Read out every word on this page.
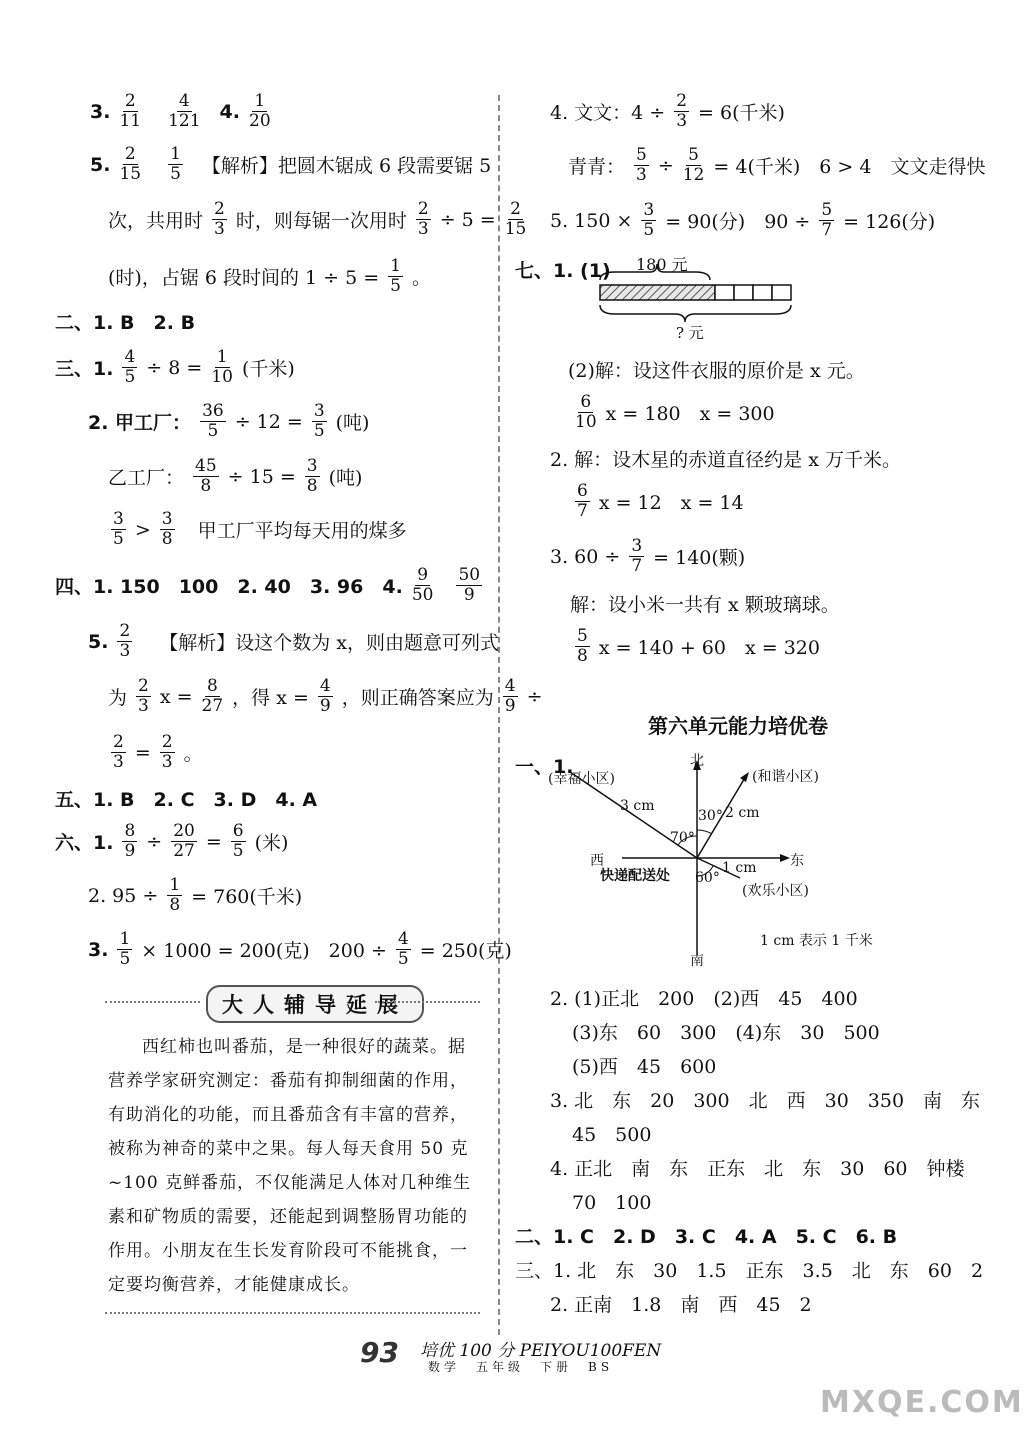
3. 2
11
4
121 4. 1
20
5. 2
15
1
5 【解析】把圆木锯成 6 段需要锯 5
次，共用时
2
3 时，则每锯一次用时 $\frac{2}{3} \div 5 = \frac{2}{15}$
(时)，占锯 6 段时间的 $1 \div 5 = \frac{1}{5}$ 。
二、1. B　2. B
三、1. $\frac{4}{5} \div 8 = \frac{1}{10}$ (千米)
2. 甲工厂： $\frac{36}{5} \div 12 = \frac{3}{5}$ (吨)
乙工厂： $\frac{45}{8} \div 15 = \frac{3}{8}$ (吨)
3
5 > 3
8 甲工厂平均每天用的煤多
四、1. 150　100　2. 40　3. 96　4.
9
50
50
9
5. 2
3 【解析】设这个数为 x，则由题意可列式
为
2
3 $x = \frac{8}{27}$ ，得 $x = \frac{4}{9}$ ，则正确答案应为 $\frac{4}{9}$ ÷
$\frac{2}{3} = \frac{2}{3}$ 。
五、1. B　2. C　3. D　4. A
六、1. $\frac{8}{9} \div \frac{20}{27} = \frac{6}{5}$ (米)
2. $95 \div \frac{1}{8} = 760$(千米)
3. $\frac{1}{5} \times 1000 = 200$(克)　$200 \div \frac{4}{5} = 250$(克)
大人辅导延展
西红柿也叫番茄，是一种很好的蔬菜。据营养学家研究测定：番茄有抑制细菌的作用，有助消化的功能，而且番茄含有丰富的营养，被称为神奇的菜中之果。每人每天食用 50 克~100 克鲜番茄，不仅能满足人体对几种维生素和矿物质的需要，还能起到调整肠胃功能的作用。小朋友在生长发育阶段可不能挑食，一定要均衡营养，才能健康成长。
4. 文文：$4 \div \frac{2}{3} = 6$(千米)
青青： $\frac{5}{3} \div \frac{5}{12} = 4$(千米)　6 > 4　文文走得快
5. $150 \times \frac{3}{5} = 90$(分)　$90 \div \frac{5}{7} = 126$(分)
七、1. (1) 180 元
? 元
(2)解：设这件衣服的原价是 x 元。
6
10 x = 180　x = 300
2. 解：设木星的赤道直径约是 x 万千米。
6
7 x = 12　x = 14
3. $60 \div \frac{3}{7} = 140$(颗)
解：设小米一共有 x 颗玻璃球。
5
8 x = 140 + 60　x = 320
第六单元能力培优卷
一、1.	北
南
西	东
(幸福小区)	(和谐小区)
(欢乐小区)
快递配送处
3 cm	2 cm
1 cm
70°
30°
60°
1 cm 表示 1 千米
2. (1)正北　200　(2)西　45　400
(3)东　60　300　(4)东　30　500
(5)西　45　600
3. 北　东　20　300　北　西　30　350　南　东
45　500
4. 正北　南　东　正东　北　东　30　60　钟楼
70　100
二、1. C　2. D　3. C　4. A　5. C　6. B
三、1. 北　东　30　1.5　正东　3.5　北　东　60　2
2. 正南　1.8　南　西　45　2
93 培优 100 分 PEIYOU100FEN
数学　五年级　下册　BS
MXQE.COM
